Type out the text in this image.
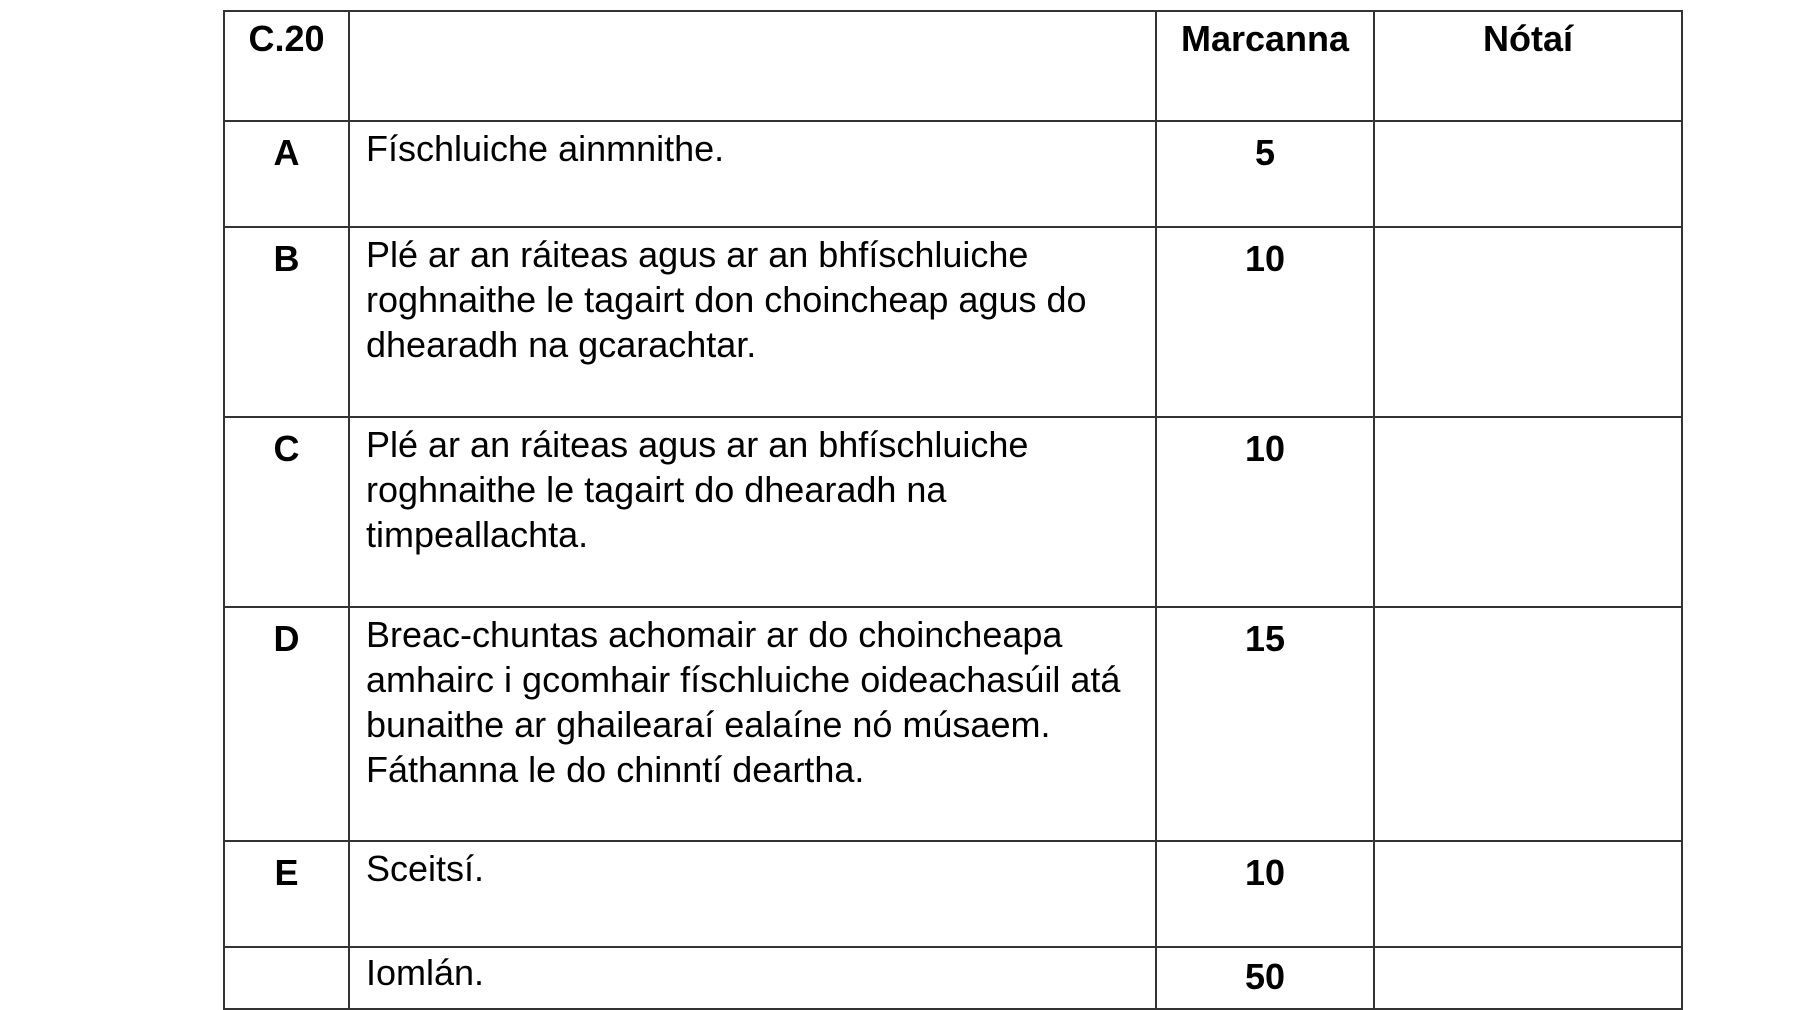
C.20		Marcanna	Nótaí
A	Físchluiche ainmnithe.	5	
B	Plé ar an ráiteas agus ar an bhfíschluiche roghnaithe le tagairt don choincheap agus do dhearadh na gcarachtar.	10	
C	Plé ar an ráiteas agus ar an bhfíschluiche roghnaithe le tagairt do dhearadh na timpeallachta.	10	
D	Breac-chuntas achomair ar do choincheapa amhairc i gcomhair físchluiche oideachasúil atá bunaithe ar ghailearaí ealaíne nó músaem. Fáthanna le do chinntí deartha.	15	
E	Sceitsí.	10	
	Iomlán.	50	
